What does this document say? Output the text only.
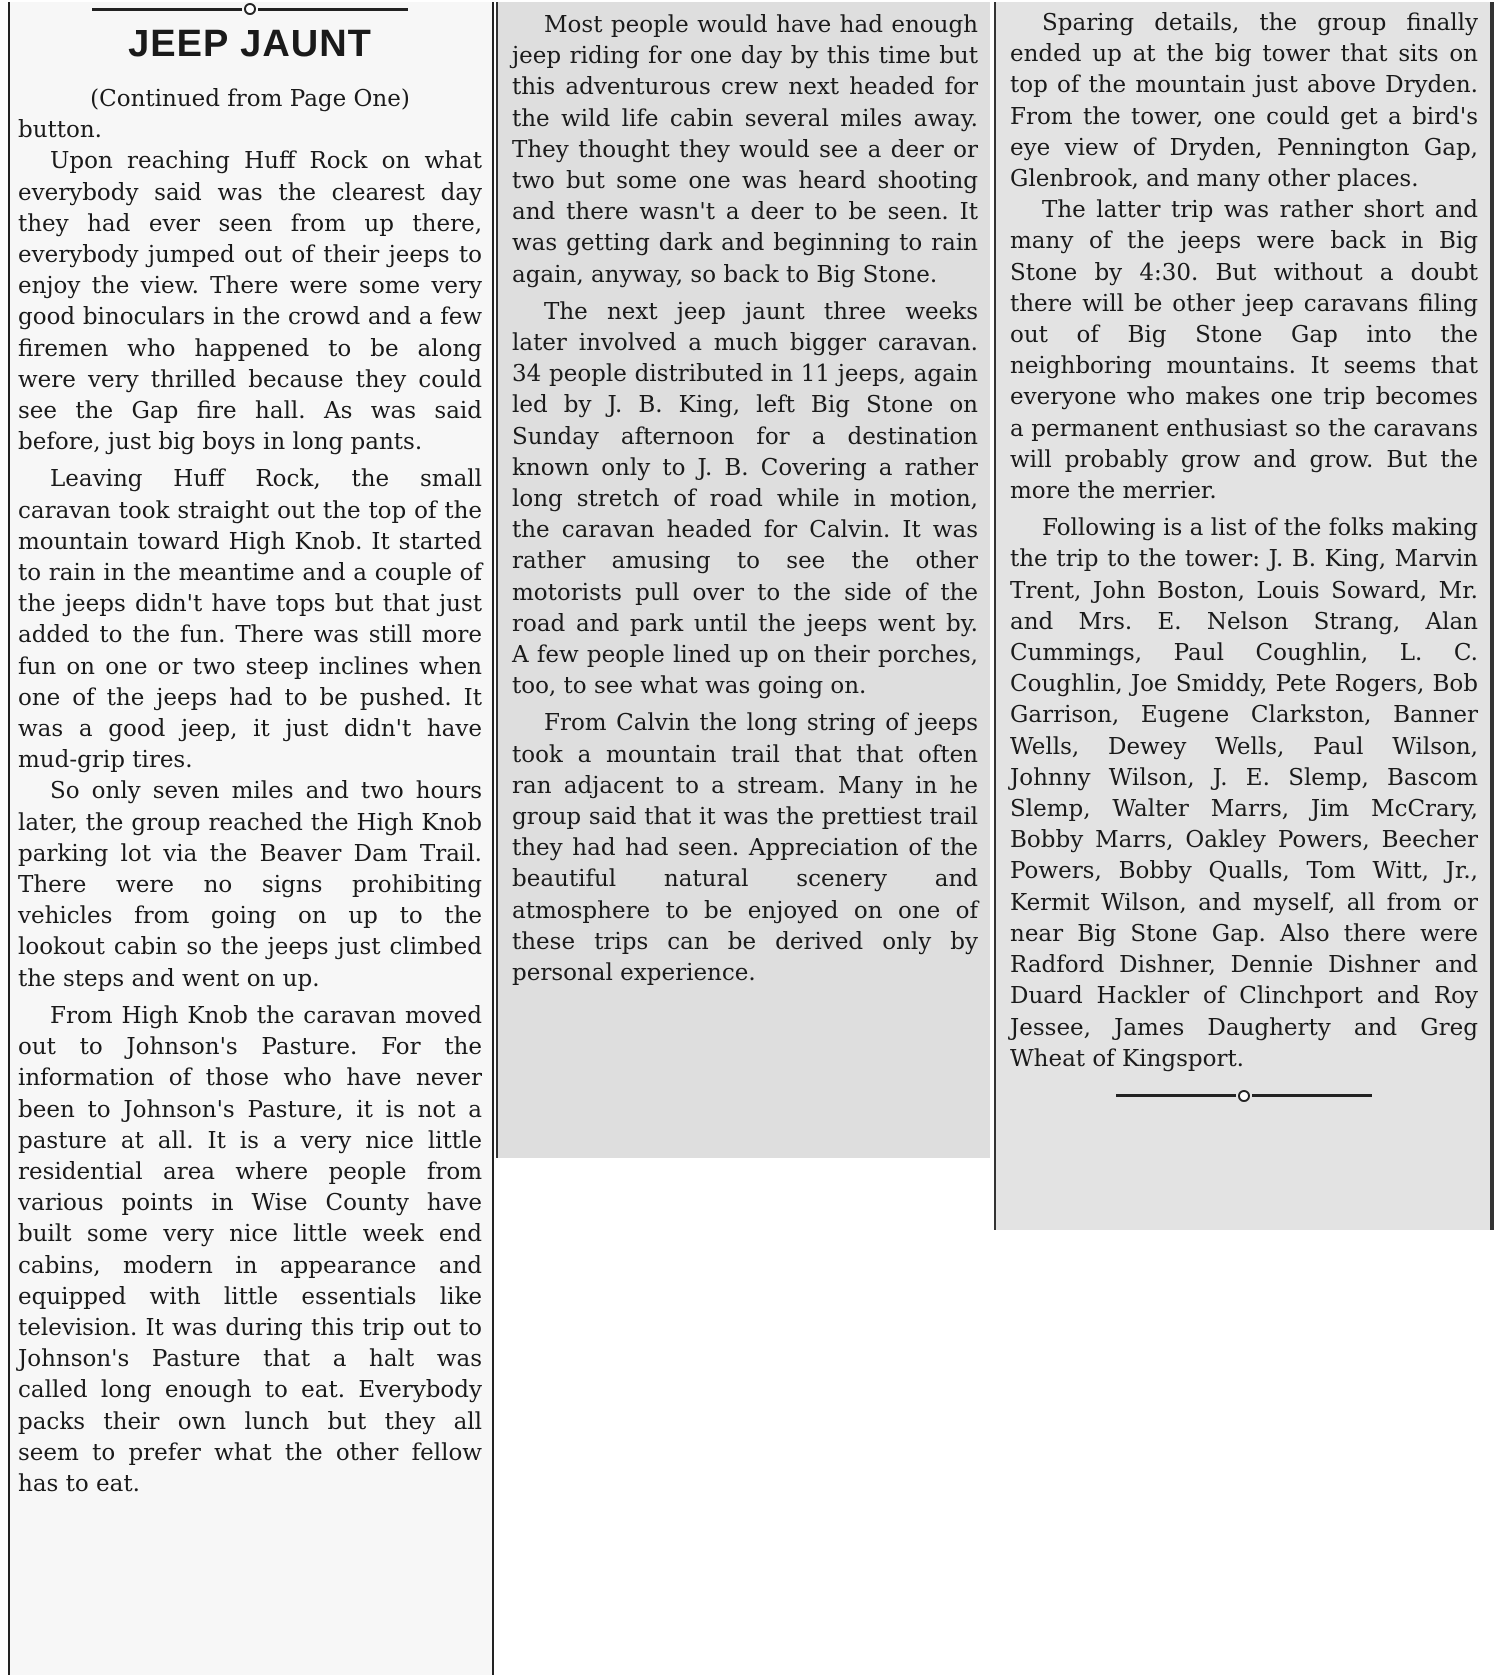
JEEP JAUNT

(Continued from Page One)

button.

Upon reaching Huff Rock on what everybody said was the clearest day they had ever seen from up there, everybody jumped out of their jeeps to enjoy the view. There were some very good binoculars in the crowd and a few firemen who happened to be along were very thrilled because they could see the Gap fire hall. As was said before, just big boys in long pants.

Leaving Huff Rock, the small caravan took straight out the top of the mountain toward High Knob. It started to rain in the meantime and a couple of the jeeps didn't have tops but that just added to the fun. There was still more fun on one or two steep inclines when one of the jeeps had to be pushed. It was a good jeep, it just didn't have mud-grip tires.

So only seven miles and two hours later, the group reached the High Knob parking lot via the Beaver Dam Trail. There were no signs prohibiting vehicles from going on up to the lookout cabin so the jeeps just climbed the steps and went on up.

From High Knob the caravan moved out to Johnson's Pasture. For the information of those who have never been to Johnson's Pasture, it is not a pasture at all. It is a very nice little residential area where people from various points in Wise County have built some very nice little week end cabins, modern in appearance and equipped with little essentials like television. It was during this trip out to Johnson's Pasture that a halt was called long enough to eat. Everybody packs their own lunch but they all seem to prefer what the other fellow has to eat.

Most people would have had enough jeep riding for one day by this time but this adventurous crew next headed for the wild life cabin several miles away. They thought they would see a deer or two but some one was heard shooting and there wasn't a deer to be seen. It was getting dark and beginning to rain again, anyway, so back to Big Stone.

The next jeep jaunt three weeks later involved a much bigger caravan. 34 people distributed in 11 jeeps, again led by J. B. King, left Big Stone on Sunday afternoon for a destination known only to J. B. Covering a rather long stretch of road while in motion, the caravan headed for Calvin. It was rather amusing to see the other motorists pull over to the side of the road and park until the jeeps went by. A few people lined up on their porches, too, to see what was going on.

From Calvin the long string of jeeps took a mountain trail that that often ran adjacent to a stream. Many in he group said that it was the prettiest trail they had had seen. Appreciation of the beautiful natural scenery and atmosphere to be enjoyed on one of these trips can be derived only by personal experience.

Sparing details, the group finally ended up at the big tower that sits on top of the mountain just above Dryden. From the tower, one could get a bird's eye view of Dryden, Pennington Gap, Glenbrook, and many other places.

The latter trip was rather short and many of the jeeps were back in Big Stone by 4:30. But without a doubt there will be other jeep caravans filing out of Big Stone Gap into the neighboring mountains. It seems that everyone who makes one trip becomes a permanent enthusiast so the caravans will probably grow and grow. But the more the merrier.

Following is a list of the folks making the trip to the tower: J. B. King, Marvin Trent, John Boston, Louis Soward, Mr. and Mrs. E. Nelson Strang, Alan Cummings, Paul Coughlin, L. C. Coughlin, Joe Smiddy, Pete Rogers, Bob Garrison, Eugene Clarkston, Banner Wells, Dewey Wells, Paul Wilson, Johnny Wilson, J. E. Slemp, Bascom Slemp, Walter Marrs, Jim McCrary, Bobby Marrs, Oakley Powers, Beecher Powers, Bobby Qualls, Tom Witt, Jr., Kermit Wilson, and myself, all from or near Big Stone Gap. Also there were Radford Dishner, Dennie Dishner and Duard Hackler of Clinchport and Roy Jessee, James Daugherty and Greg Wheat of Kingsport.
